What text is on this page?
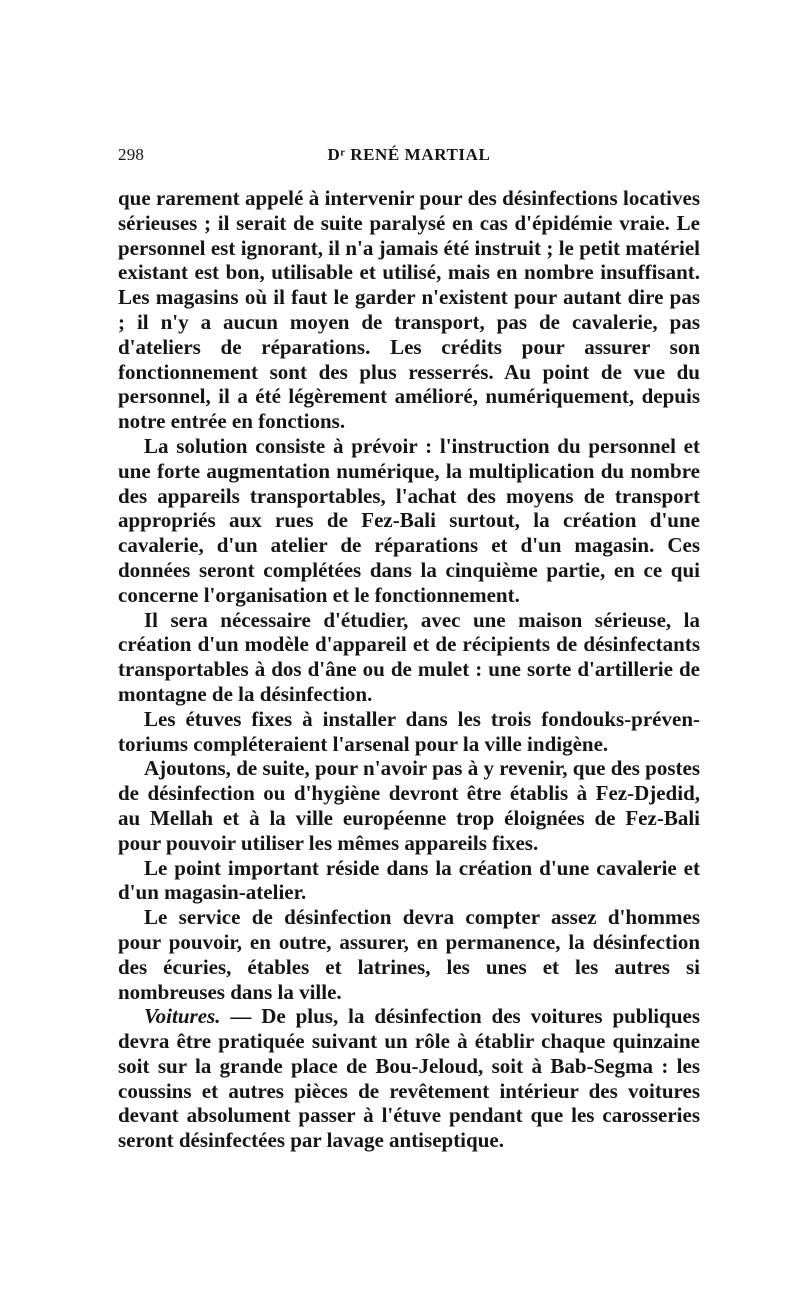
298	Dʳ RENÉ MARTIAL

que rarement appelé à intervenir pour des désinfections locatives sérieuses ; il serait de suite paralysé en cas d'épidémie vraie. Le personnel est ignorant, il n'a jamais été instruit ; le petit matériel existant est bon, utilisable et utilisé, mais en nombre insuffisant. Les magasins où il faut le garder n'existent pour autant dire pas ; il n'y a aucun moyen de transport, pas de cavalerie, pas d'ateliers de réparations. Les crédits pour assurer son fonctionnement sont des plus resserrés. Au point de vue du personnel, il a été légèrement amélioré, numériquement, depuis notre entrée en fonctions.

La solution consiste à prévoir : l'instruction du personnel et une forte augmentation numérique, la multiplication du nombre des appareils transportables, l'achat des moyens de transport appropriés aux rues de Fez-Bali surtout, la création d'une cavalerie, d'un atelier de réparations et d'un magasin. Ces données seront complétées dans la cinquième partie, en ce qui concerne l'organisation et le fonctionnement.

Il sera nécessaire d'étudier, avec une maison sérieuse, la création d'un modèle d'appareil et de récipients de désinfectants transportables à dos d'âne ou de mulet : une sorte d'artillerie de montagne de la désinfection.

Les étuves fixes à installer dans les trois fondouks-préventoriums compléteraient l'arsenal pour la ville indigène.

Ajoutons, de suite, pour n'avoir pas à y revenir, que des postes de désinfection ou d'hygiène devront être établis à Fez-Djedid, au Mellah et à la ville européenne trop éloignées de Fez-Bali pour pouvoir utiliser les mêmes appareils fixes.

Le point important réside dans la création d'une cavalerie et d'un magasin-atelier.

Le service de désinfection devra compter assez d'hommes pour pouvoir, en outre, assurer, en permanence, la désinfection des écuries, étables et latrines, les unes et les autres si nombreuses dans la ville.

Voitures. — De plus, la désinfection des voitures publiques devra être pratiquée suivant un rôle à établir chaque quinzaine soit sur la grande place de Bou-Jeloud, soit à Bab-Segma : les coussins et autres pièces de revêtement intérieur des voitures devant absolument passer à l'étuve pendant que les carosseries seront désinfectées par lavage antiseptique.
